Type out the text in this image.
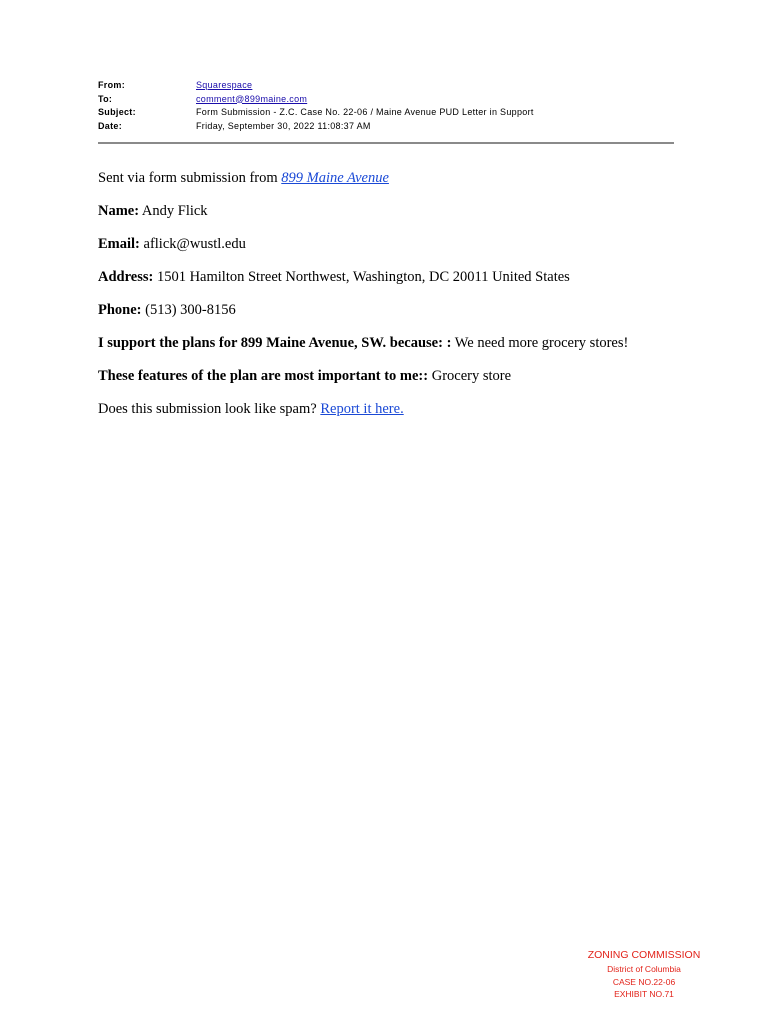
From:	Squarespace
To:	comment@899maine.com
Subject:	Form Submission - Z.C. Case No. 22-06 / Maine Avenue PUD Letter in Support
Date:	Friday, September 30, 2022 11:08:37 AM
Sent via form submission from 899 Maine Avenue
Name: Andy Flick
Email: aflick@wustl.edu
Address: 1501 Hamilton Street Northwest, Washington, DC 20011 United States
Phone: (513) 300-8156
I support the plans for 899 Maine Avenue, SW. because: : We need more grocery stores!
These features of the plan are most important to me:: Grocery store
Does this submission look like spam? Report it here.
ZONING COMMISSION
District of Columbia
CASE NO.22-06
EXHIBIT NO.71
